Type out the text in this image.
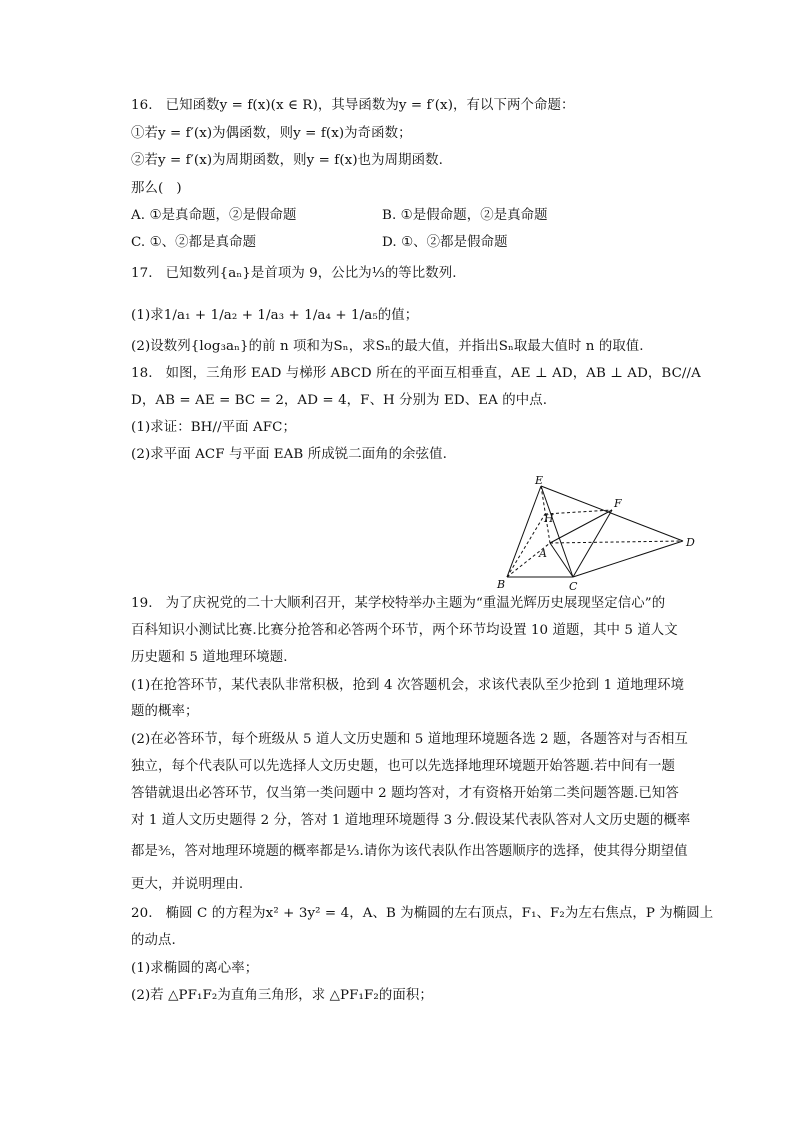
16.   已知函数y = f(x)(x ∈ R)，其导函数为y = f′(x)，有以下两个命题：
①若y = f′(x)为偶函数，则y = f(x)为奇函数；
②若y = f′(x)为周期函数，则y = f(x)也为周期函数.
那么(   )
A. ①是真命题，②是假命题	B. ①是假命题，②是真命题
C. ①、②都是真命题	D. ①、②都是假命题
17.   已知数列{aₙ}是首项为 9，公比为⅓的等比数列.
(1)求1/a₁ + 1/a₂ + 1/a₃ + 1/a₄ + 1/a₅的值；
(2)设数列{log₃aₙ}的前 n 项和为Sₙ，求Sₙ的最大值，并指出Sₙ取最大值时 n 的取值.
18.   如图，三角形 EAD 与梯形 ABCD 所在的平面互相垂直，AE ⊥ AD，AB ⊥ AD，BC//A
D，AB = AE = BC = 2，AD = 4，F、H 分别为 ED、EA 的中点.
(1)求证：BH//平面 AFC；
(2)求平面 ACF 与平面 EAB 所成锐二面角的余弦值.
E
F
H
A
D
B	C
19.   为了庆祝党的二十大顺利召开，某学校特举办主题为“重温光辉历史展现坚定信心”的
百科知识小测试比赛.比赛分抢答和必答两个环节，两个环节均设置 10 道题，其中 5 道人文
历史题和 5 道地理环境题.
(1)在抢答环节，某代表队非常积极，抢到 4 次答题机会，求该代表队至少抢到 1 道地理环境
题的概率；
(2)在必答环节，每个班级从 5 道人文历史题和 5 道地理环境题各选 2 题，各题答对与否相互
独立，每个代表队可以先选择人文历史题，也可以先选择地理环境题开始答题.若中间有一题
答错就退出必答环节，仅当第一类问题中 2 题均答对，才有资格开始第二类问题答题.已知答
对 1 道人文历史题得 2 分，答对 1 道地理环境题得 3 分.假设某代表队答对人文历史题的概率
都是⅗，答对地理环境题的概率都是⅓.请你为该代表队作出答题顺序的选择，使其得分期望值
更大，并说明理由.
20.   椭圆 C 的方程为x² + 3y² = 4，A、B 为椭圆的左右顶点，F₁、F₂为左右焦点，P 为椭圆上
的动点.
(1)求椭圆的离心率；
(2)若 △PF₁F₂为直角三角形，求 △PF₁F₂的面积；
